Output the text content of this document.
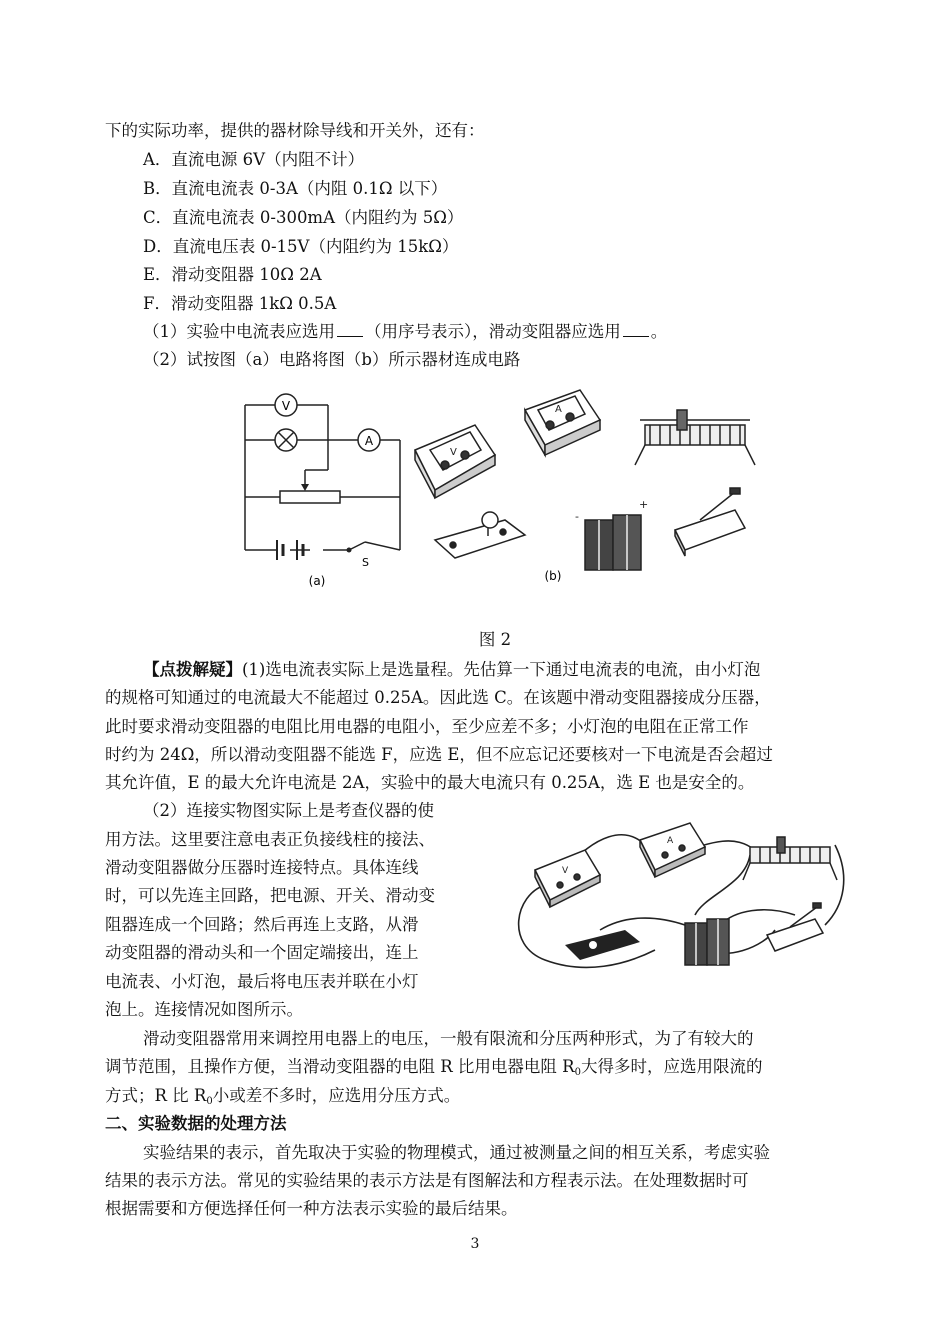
下的实际功率，提供的器材除导线和开关外，还有：
A．直流电源 6V（内阻不计）
B．直流电流表 0-3A（内阻 0.1Ω 以下）
C．直流电流表 0-300mA（内阻约为 5Ω）
D．直流电压表 0-15V（内阻约为 15kΩ）
E．滑动变阻器 10Ω 2A
F．滑动变阻器 1kΩ 0.5A
（1）实验中电流表应选用 （用序号表示），滑动变阻器应选用 。
（2）试按图（a）电路将图（b）所示器材连成电路
V
A
S
(a)
V
A
-
+
(b)
图 2
【点拨解疑】(1)选电流表实际上是选量程。先估算一下通过电流表的电流，由小灯泡
的规格可知通过的电流最大不能超过 0.25A。因此选 C。在该题中滑动变阻器接成分压器，
此时要求滑动变阻器的电阻比用电器的电阻小，至少应差不多；小灯泡的电阻在正常工作
时约为 24Ω，所以滑动变阻器不能选 F，应选 E，但不应忘记还要核对一下电流是否会超过
其允许值，E 的最大允许电流是 2A，实验中的最大电流只有 0.25A，选 E 也是安全的。
（2）连接实物图实际上是考查仪器的使
用方法。这里要注意电表正负接线柱的接法、
滑动变阻器做分压器时连接特点。具体连线
时，可以先连主回路，把电源、开关、滑动变
阻器连成一个回路；然后再连上支路，从滑
动变阻器的滑动头和一个固定端接出，连上
电流表、小灯泡，最后将电压表并联在小灯
泡上。连接情况如图所示。
V
A
滑动变阻器常用来调控用电器上的电压，一般有限流和分压两种形式，为了有较大的
调节范围，且操作方便，当滑动变阻器的电阻 R 比用电器电阻 $R_0$大得多时，应选用限流的
方式；R 比 $R_0$小或差不多时，应选用分压方式。
二、实验数据的处理方法
实验结果的表示，首先取决于实验的物理模式，通过被测量之间的相互关系，考虑实验
结果的表示方法。常见的实验结果的表示方法是有图解法和方程表示法。在处理数据时可
根据需要和方便选择任何一种方法表示实验的最后结果。
3
